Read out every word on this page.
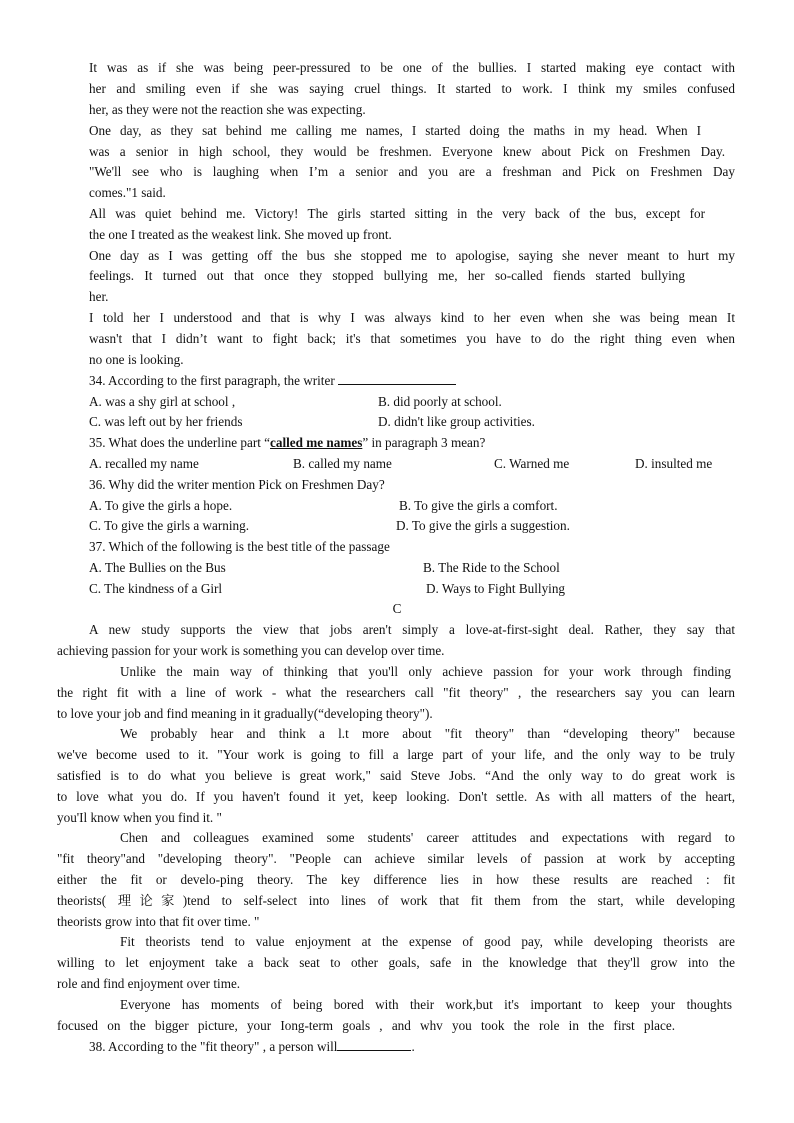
It was as if she was being peer-pressured to be one of the bullies. I started making eye contact with
her and smiling even if she was saying cruel things. It started to work. I think my smiles confused
her, as they were not the reaction she was expecting.
One day, as they sat behind me calling me names, I started doing the maths in my head. When I
was a senior in high school, they would be freshmen. Everyone knew about Pick on Freshmen Day.
"We'll see who is laughing when I’m a senior and you are a freshman and Pick on Freshmen Day
comes."1 said.
All was quiet behind me. Victory! The girls started sitting in the very back of the bus, except for
the one I treated as the weakest link. She moved up front.
One day as I was getting off the bus she stopped me to apologise, saying she never meant to hurt my
feelings. It turned out that once they stopped bullying me, her so-called fiends started bullying
her.
I told her I understood and that is why I was always kind to her even when she was being mean It
wasn't that I didn’t want to fight back; it's that sometimes you have to do the right thing even when
no one is looking.
34. According to the first paragraph, the writer
A. was a shy girl at school ,	B. did poorly at school.
C. was left out by her friends	D. didn't like group activities.
35. What does the underline part “called me names” in paragraph 3 mean?
A. recalled my name	B. called my name	C. Warned me	D. insulted me
36. Why did the writer mention Pick on Freshmen Day?
A. To give the girls a hope.	B. To give the girls a comfort.
C. To give the girls a warning.	D. To give the girls a suggestion.
37. Which of the following is the best title of the passage
A. The Bullies on the Bus	B. The Ride to the School
C. The kindness of a Girl	D. Ways to Fight Bullying
C
A new study supports the view that jobs aren't simply a love-at-first-sight deal. Rather, they say that
achieving passion for your work is something you can develop over time.
Unlike the main way of thinking that you'll only achieve passion for your work through finding
the right fit with a line of work - what the researchers call "fit theory" , the researchers say you can learn
to love your job and find meaning in it gradually(“developing theory").
We probably hear and think a l.t more about "fit theory" than “developing theory" because
we've become used to it. "Your work is going to fill a large part of your life, and the only way to be truly
satisfied is to do what you believe is great work," said Steve Jobs. “And the only way to do great work is
to love what you do. If you haven't found it yet, keep looking. Don't settle. As with all matters of the heart,
you'Il know when you find it. "
Chen and colleagues examined some students' career attitudes and expectations with regard to
"fit theory"and "developing theory". "People can achieve similar levels of passion at work by accepting
either the fit or develo-ping theory. The key difference lies in how these results are reached : fit
theorists( 理论家)tend to self-select into lines of work that fit them from the start, while developing
theorists grow into that fit over time. "
Fit theorists tend to value enjoyment at the expense of good pay, while developing theorists are
willing to let enjoyment take a back seat to other goals, safe in the knowledge that they'll grow into the
role and find enjoyment over time.
Everyone has moments of being bored with their work,but it's important to keep your thoughts
focused on the bigger picture, your Iong-term goals , and whv you took the role in the first place.
38. According to the "fit theory" , a person will	.
